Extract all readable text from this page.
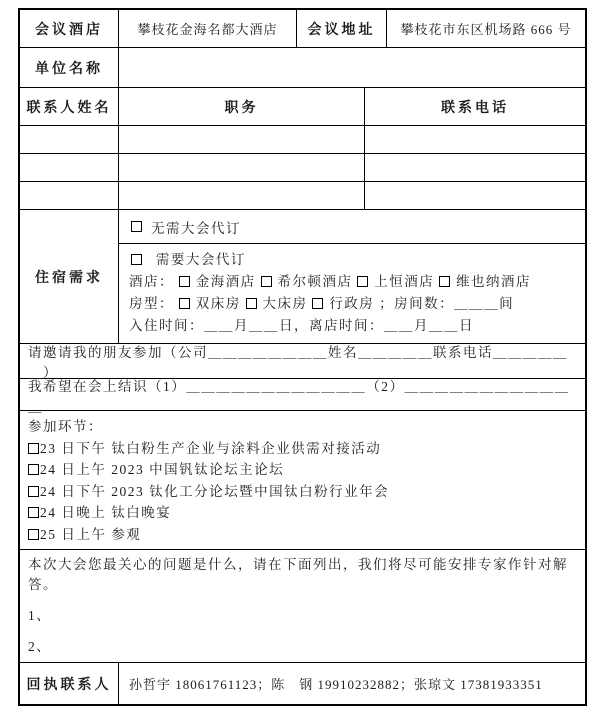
会议酒店	攀枝花金海名都大酒店	会议地址	攀枝花市东区机场路 666 号
单位名称
联系人姓名	职务	联系电话
住宿需求
无需大会代订
需要大会代订
酒店： 金海酒店 希尔顿酒店 上恒酒店 维也纳酒店
房型： 双床房 大床房 行政房 ；房间数：＿＿＿间
入住时间：＿＿月＿＿日，离店时间：＿＿月＿＿日
请邀请我的朋友参加（公司＿＿＿＿＿＿＿＿姓名＿＿＿＿＿联系电话＿＿＿＿＿＿）
我希望在会上结识（1）＿＿＿＿＿＿＿＿＿＿＿＿（2）＿＿＿＿＿＿＿＿＿＿＿＿
参加环节：
23 日下午 钛白粉生产企业与涂料企业供需对接活动
24 日上午 2023 中国钒钛论坛主论坛
24 日下午 2023 钛化工分论坛暨中国钛白粉行业年会
24 日晚上 钛白晚宴
25 日上午 参观
本次大会您最关心的问题是什么，请在下面列出，我们将尽可能安排专家作针对解答。
1、
2、
回执联系人	孙哲宇 18061761123；陈　钢 19910232882；张琼文 17381933351
